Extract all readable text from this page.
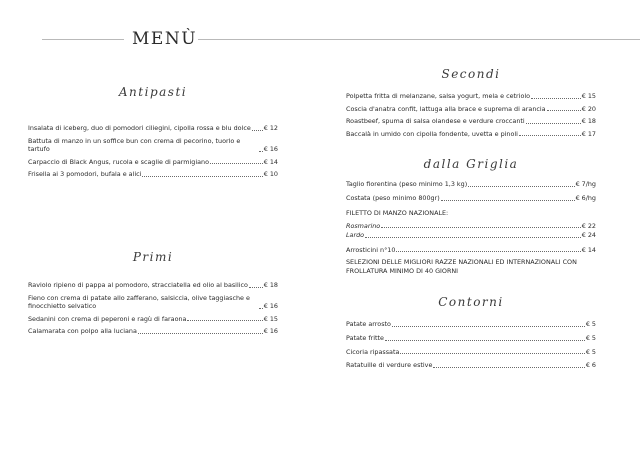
MENÙ
Antipasti
Insalata di iceberg, duo di pomodori ciliegini, cipolla rossa e blu dolce € 12
Battuta di manzo in un soffice bun con crema di pecorino, tuorlo e tartufo	€ 16
Carpaccio di Black Angus, rucola e scaglie di parmigiano	€ 14
Frisella ai 3 pomodori, bufala e alici	€ 10
Primi
Raviolo ripieno di pappa al pomodoro, stracciatella ed olio al basilico € 18
Fieno con crema di patate allo zafferano, salsiccia, olive taggiasche e finocchietto selvatico	€ 16
Sedanini con crema di peperoni e ragù di faraona	€ 15
Calamarata con polpo alla luciana	€ 16
Secondi
Polpetta fritta di melanzane, salsa yogurt, mela e cetriolo	€ 15
Coscia d'anatra confit, lattuga alla brace e suprema di arancia	€ 20
Roastbeef, spuma di salsa olandese e verdure croccanti	€ 18
Baccalà in umido con cipolla fondente, uvetta e pinoli	€ 17
dalla Griglia
Taglio fiorentina (peso minimo 1,3 kg)	€ 7/hg
Costata (peso minimo 800gr)	€ 6/hg
FILETTO DI MANZO NAZIONALE:
Rosmarino	€ 22
Lardo	€ 24
Arrosticini n°10	€ 14
SELEZIONI DELLE MIGLIORI RAZZE NAZIONALI ED INTERNAZIONALI CON FROLLATURA MINIMO DI 40 GIORNI
Contorni
Patate arrosto	€ 5
Patate fritte	€ 5
Cicoria ripassata	€ 5
Ratatuille di verdure estive	€ 6
